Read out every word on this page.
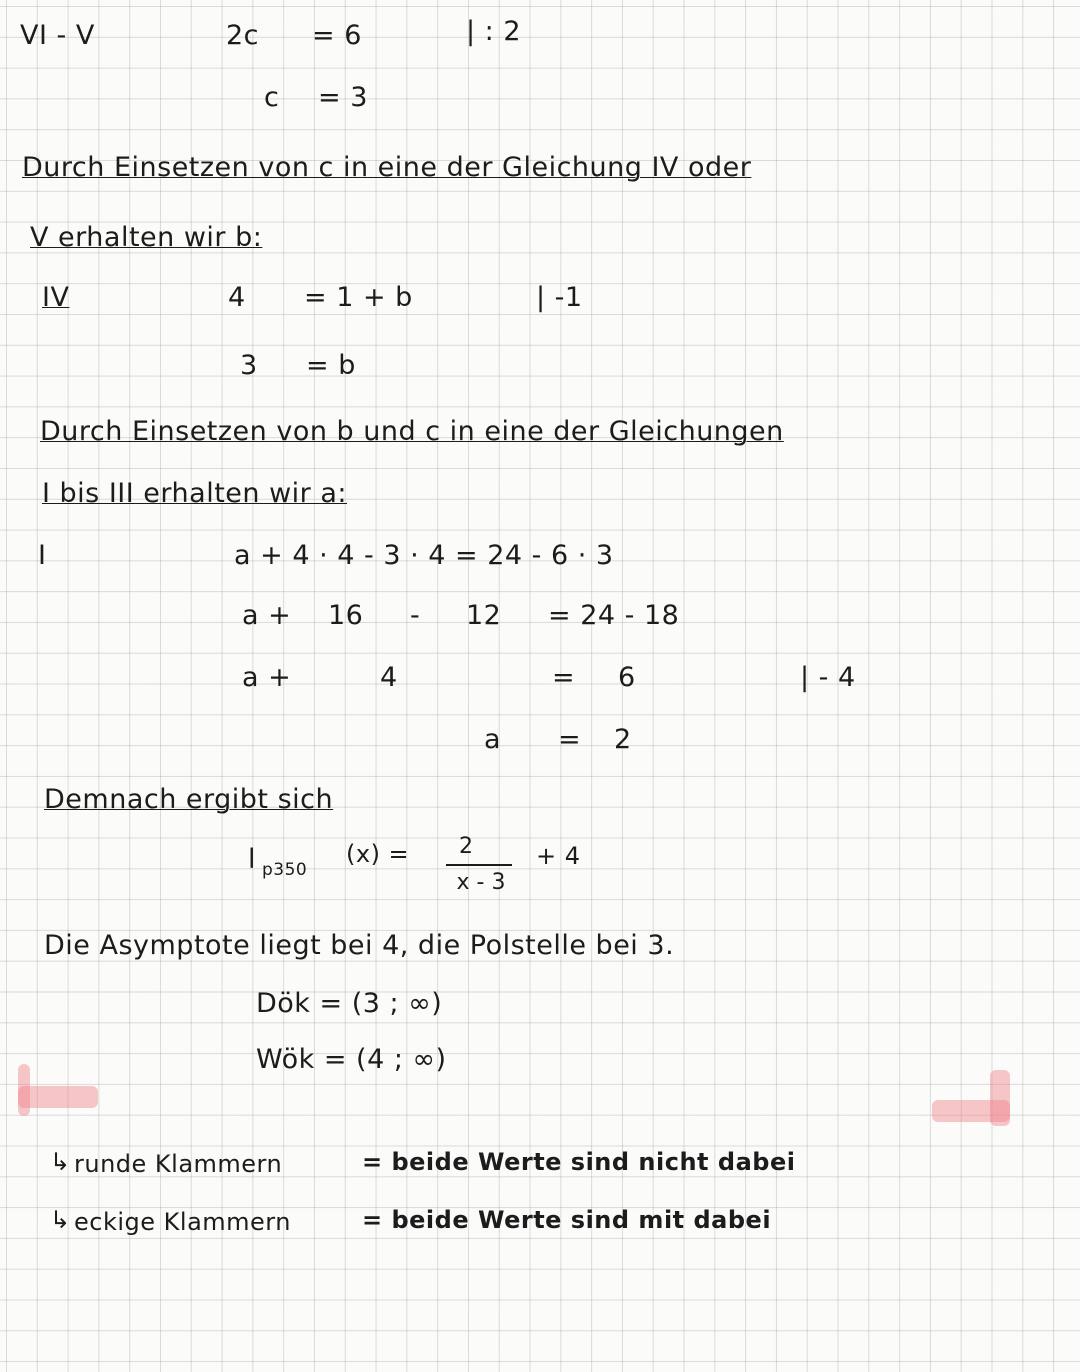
VI - V	2c = 6	| : 2
c = 3
Durch Einsetzen von c in eine der Gleichung IV oder
V erhalten wir b:
IV	4 = 1 + b	| -1
3 = b
Durch Einsetzen von b und c in eine der Gleichungen
I bis III erhalten wir a:
I	a + 4 · 4 - 3 · 4 = 24 - 6 · 3
a + 16 - 12 = 24 - 18
a +	4	= 6	| - 4
a = 2
Demnach ergibt sich
l p350
(x) =	2
x - 3
+ 4
Die Asymptote liegt bei 4, die Polstelle bei 3.
Dök = (3 ; ∞)
Wök = (4 ; ∞)
↳ runde Klammern	= beide Werte sind nicht dabei
↳ eckige Klammern	= beide Werte sind mit dabei
